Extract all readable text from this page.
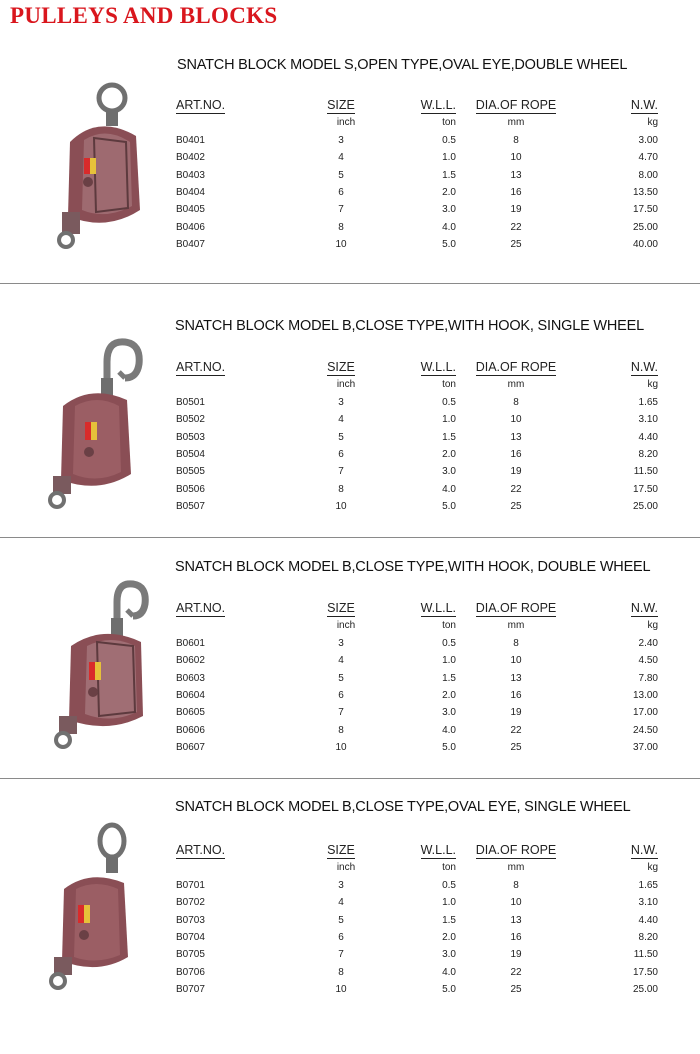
PULLEYS AND BLOCKS
SNATCH BLOCK MODEL S,OPEN TYPE,OVAL EYE,DOUBLE WHEEL
ART.NO.	SIZE	W.L.L.	DIA.OF ROPE	N.W.
	inch	ton	mm	kg
B0401	3	0.5	8	3.00
B0402	4	1.0	10	4.70
B0403	5	1.5	13	8.00
B0404	6	2.0	16	13.50
B0405	7	3.0	19	17.50
B0406	8	4.0	22	25.00
B0407	10	5.0	25	40.00
SNATCH BLOCK MODEL B,CLOSE TYPE,WITH HOOK, SINGLE WHEEL
ART.NO.	SIZE	W.L.L.	DIA.OF ROPE	N.W.
	inch	ton	mm	kg
B0501	3	0.5	8	1.65
B0502	4	1.0	10	3.10
B0503	5	1.5	13	4.40
B0504	6	2.0	16	8.20
B0505	7	3.0	19	11.50
B0506	8	4.0	22	17.50
B0507	10	5.0	25	25.00
SNATCH BLOCK MODEL B,CLOSE TYPE,WITH HOOK, DOUBLE WHEEL
ART.NO.	SIZE	W.L.L.	DIA.OF ROPE	N.W.
	inch	ton	mm	kg
B0601	3	0.5	8	2.40
B0602	4	1.0	10	4.50
B0603	5	1.5	13	7.80
B0604	6	2.0	16	13.00
B0605	7	3.0	19	17.00
B0606	8	4.0	22	24.50
B0607	10	5.0	25	37.00
SNATCH BLOCK MODEL B,CLOSE TYPE,OVAL EYE, SINGLE WHEEL
ART.NO.	SIZE	W.L.L.	DIA.OF ROPE	N.W.
	inch	ton	mm	kg
B0701	3	0.5	8	1.65
B0702	4	1.0	10	3.10
B0703	5	1.5	13	4.40
B0704	6	2.0	16	8.20
B0705	7	3.0	19	11.50
B0706	8	4.0	22	17.50
B0707	10	5.0	25	25.00
